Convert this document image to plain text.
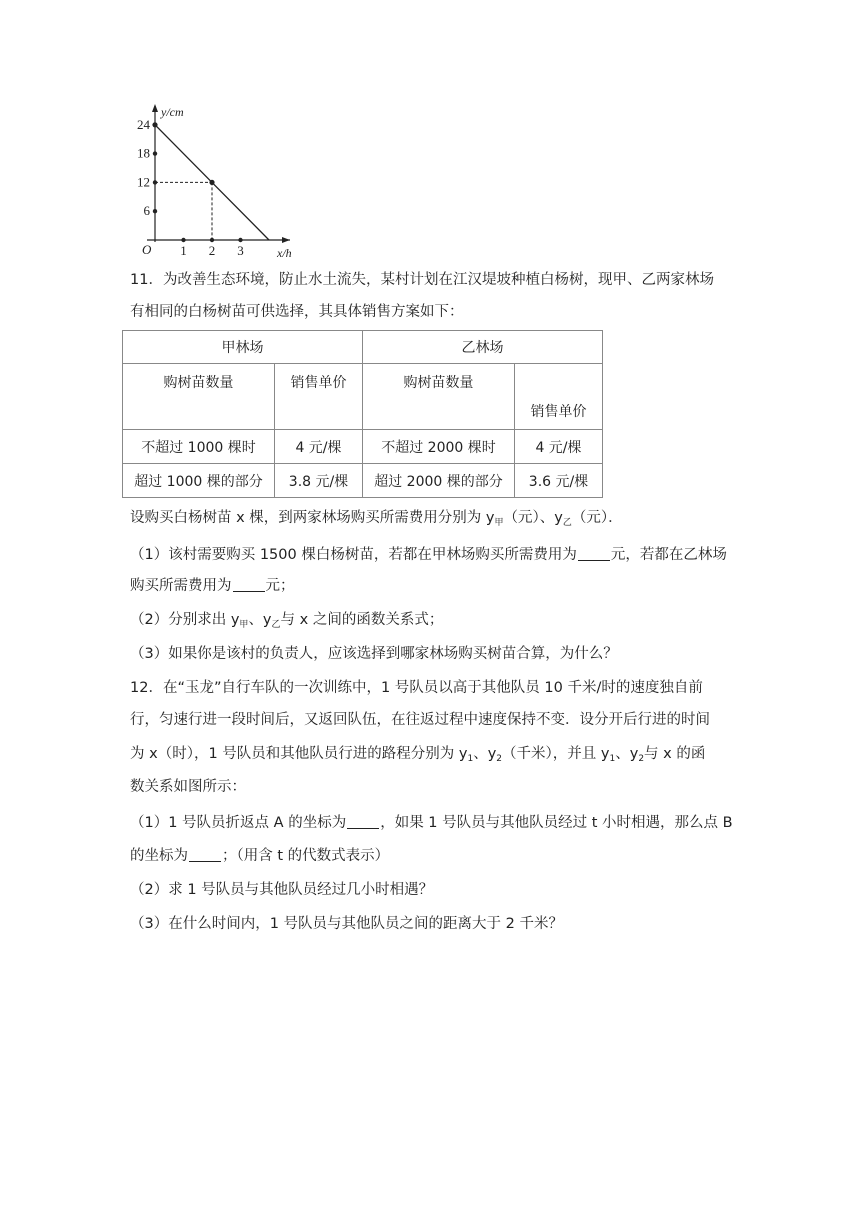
y/cm
x/h
O
6
12
18
24
1 2 3
11．为改善生态环境，防止水土流失，某村计划在江汉堤坡种植白杨树，现甲、乙两家林场
有相同的白杨树苗可供选择，其具体销售方案如下：
甲林场		乙林场	
购树苗数量	销售单价	购树苗数量	销售单价
不超过 1000 棵时	4 元/棵	不超过 2000 棵时	4 元/棵
超过 1000 棵的部分	3.8 元/棵	超过 2000 棵的部分	3.6 元/棵
设购买白杨树苗 x 棵，到两家林场购买所需费用分别为 $y_甲$（元）、$y_乙$（元）．
（1）该村需要购买 1500 棵白杨树苗，若都在甲林场购买所需费用为 元，若都在乙林场
购买所需费用为 元；
（2）分别求出 $y_甲$、$y_乙$与 x 之间的函数关系式；
（3）如果你是该村的负责人，应该选择到哪家林场购买树苗合算，为什么？
12．在“玉龙”自行车队的一次训练中，1 号队员以高于其他队员 10 千米/时的速度独自前
行，匀速行进一段时间后，又返回队伍，在往返过程中速度保持不变．设分开后行进的时间
为 x（时），1 号队员和其他队员行进的路程分别为 $y_1$、$y_2$（千米），并且 $y_1$、$y_2$与 x 的函
数关系如图所示：
（1）1 号队员折返点 A 的坐标为 ，如果 1 号队员与其他队员经过 t 小时相遇，那么点 B
的坐标为 ；（用含 t 的代数式表示）
（2）求 1 号队员与其他队员经过几小时相遇？
（3）在什么时间内，1 号队员与其他队员之间的距离大于 2 千米？
